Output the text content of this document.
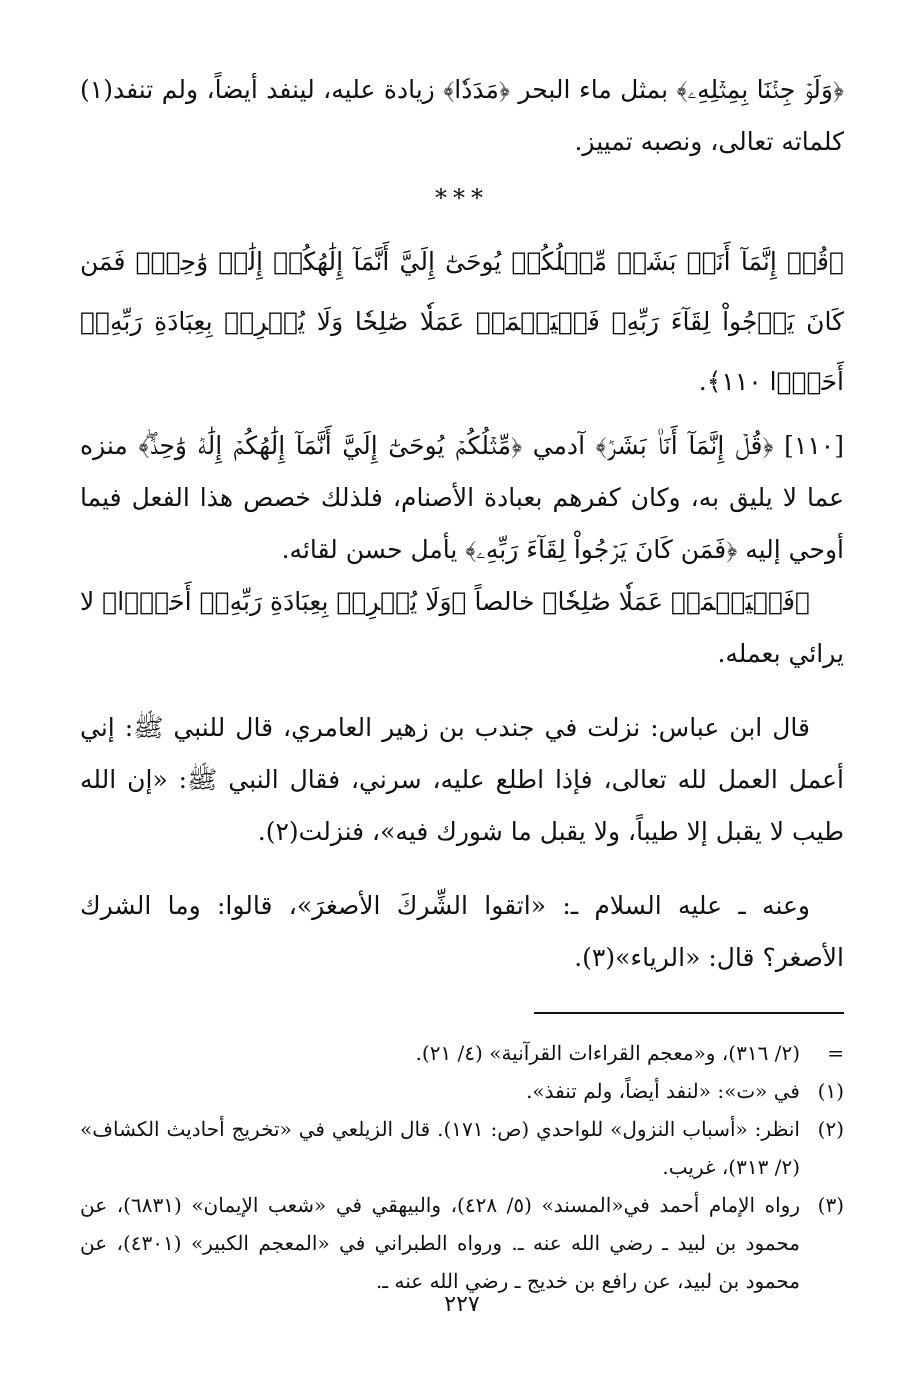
﴿وَلَوۡ جِئۡنَا بِمِثۡلِهِۦ﴾ بمثل ماء البحر ﴿مَدَدٗا﴾ زيادة عليه، لينفد أيضاً، ولم تنفد(١) كلماته تعالى، ونصبه تمييز.

***

﴿قُلۡ إِنَّمَآ أَنَا۠ بَشَرٞ مِّثۡلُكُمۡ يُوحَىٰٓ إِلَيَّ أَنَّمَآ إِلَٰهُكُمۡ إِلَٰهٞ وَٰحِدٞۖ فَمَن كَانَ يَرۡجُواْ لِقَآءَ رَبِّهِۦ فَلۡيَعۡمَلۡ عَمَلٗا صَٰلِحٗا وَلَا يُشۡرِكۡ بِعِبَادَةِ رَبِّهِۦٓ أَحَدَۢا ١١٠﴾.

[١١٠] ﴿قُلۡ إِنَّمَآ أَنَا۠ بَشَرٞ﴾ آدمي ﴿مِّثۡلُكُمۡ يُوحَىٰٓ إِلَيَّ أَنَّمَآ إِلَٰهُكُمۡ إِلَٰهٞ وَٰحِدٞۖ﴾ منزه عما لا يليق به، وكان كفرهم بعبادة الأصنام، فلذلك خصص هذا الفعل فيما أوحي إليه ﴿فَمَن كَانَ يَرۡجُواْ لِقَآءَ رَبِّهِۦ﴾ يأمل حسن لقائه.

﴿فَلۡيَعۡمَلۡ عَمَلٗا صَٰلِحٗا﴾ خالصاً ﴿وَلَا يُشۡرِكۡ بِعِبَادَةِ رَبِّهِۦٓ أَحَدَۢا﴾ لا يرائي بعمله.

قال ابن عباس: نزلت في جندب بن زهير العامري، قال للنبي ﷺ: إني أعمل العمل لله تعالى، فإذا اطلع عليه، سرني، فقال النبي ﷺ: «إن الله طيب لا يقبل إلا طيباً، ولا يقبل ما شورك فيه»، فنزلت(٢).

وعنه ـ عليه السلام ـ: «اتقوا الشِّركَ الأصغرَ»، قالوا: وما الشرك الأصغر؟ قال: «الرياء»(٣).

=
(٢/ ٣١٦)، و«معجم القراءات القرآنية» (٤/ ٢١).
(١)
في «ت»: «لنفد أيضاً، ولم تنفذ».
(٢)
انظر: «أسباب النزول» للواحدي (ص: ١٧١). قال الزيلعي في «تخريج أحاديث الكشاف» (٢/ ٣١٣)، غريب.
(٣)
رواه الإمام أحمد في«المسند» (٥/ ٤٢٨)، والبيهقي في «شعب الإيمان» (٦٨٣١)، عن محمود بن لبيد ـ رضي الله عنه ـ. ورواه الطبراني في «المعجم الكبير» (٤٣٠١)، عن محمود بن لبيد، عن رافع بن خديج ـ رضي الله عنه ـ.
٢٢٧
